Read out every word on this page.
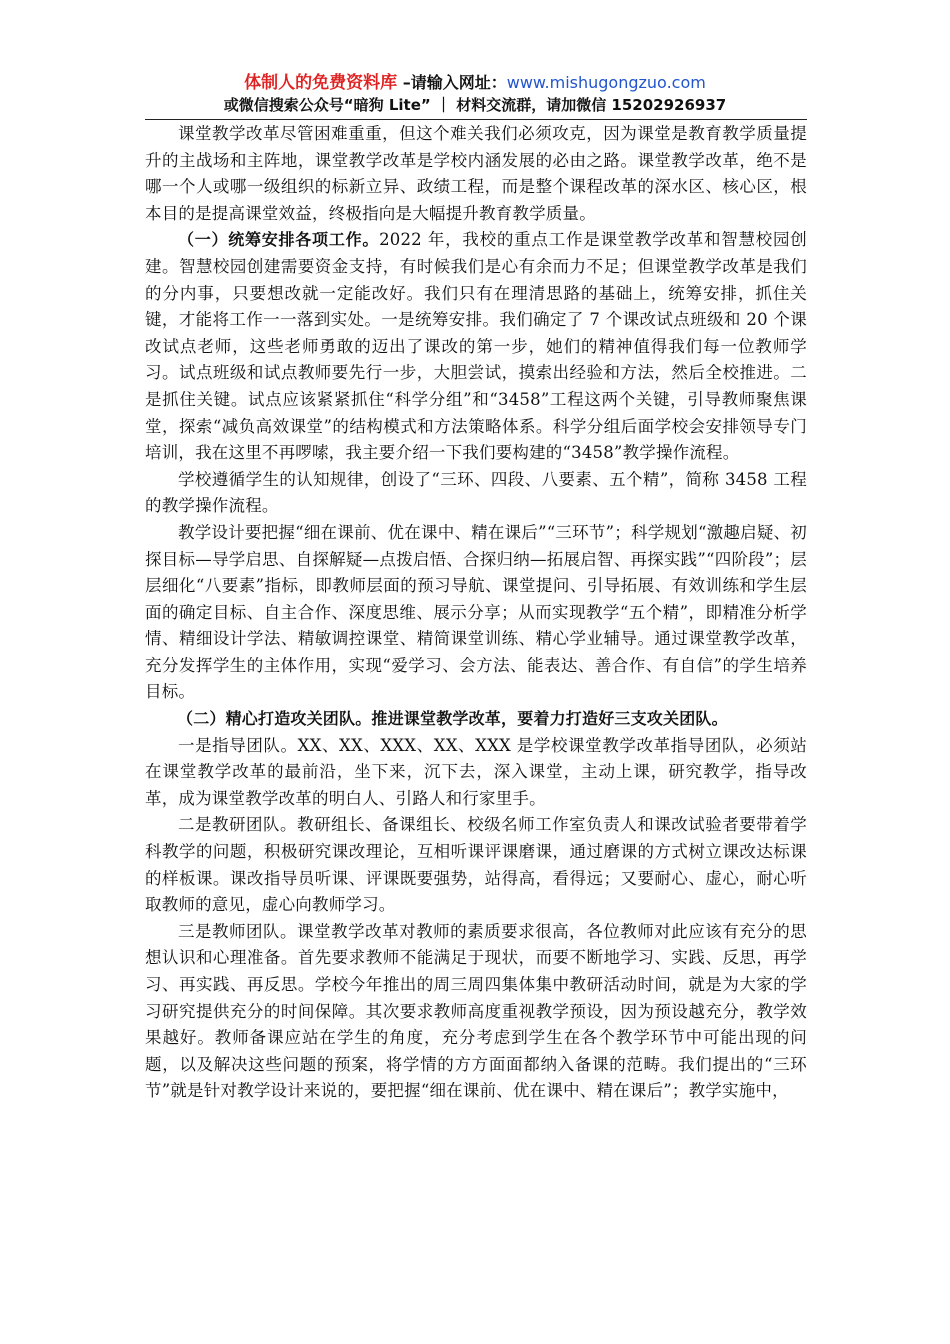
体制人的免费资料库 –请输入网址：www.mishugongzuo.com
或微信搜索公众号“暗狗 Lite” ｜ 材料交流群，请加微信 15202926937

课堂教学改革尽管困难重重，但这个难关我们必须攻克，因为课堂是教育教学质量提升的主战场和主阵地，课堂教学改革是学校内涵发展的必由之路。课堂教学改革，绝不是哪一个人或哪一级组织的标新立异、政绩工程，而是整个课程改革的深水区、核心区，根本目的是提高课堂效益，终极指向是大幅提升教育教学质量。

（一）统筹安排各项工作。2022 年，我校的重点工作是课堂教学改革和智慧校园创建。智慧校园创建需要资金支持，有时候我们是心有余而力不足；但课堂教学改革是我们的分内事，只要想改就一定能改好。我们只有在理清思路的基础上，统筹安排，抓住关键，才能将工作一一落到实处。一是统筹安排。我们确定了 7 个课改试点班级和 20 个课改试点老师，这些老师勇敢的迈出了课改的第一步，她们的精神值得我们每一位教师学习。试点班级和试点教师要先行一步，大胆尝试，摸索出经验和方法，然后全校推进。二是抓住关键。试点应该紧紧抓住“科学分组”和“3458”工程这两个关键，引导教师聚焦课堂，探索“减负高效课堂”的结构模式和方法策略体系。科学分组后面学校会安排领导专门培训，我在这里不再啰嗦，我主要介绍一下我们要构建的“3458”教学操作流程。

学校遵循学生的认知规律，创设了“三环、四段、八要素、五个精”，简称 3458 工程的教学操作流程。

教学设计要把握“细在课前、优在课中、精在课后”“三环节”；科学规划“激趣启疑、初探目标—导学启思、自探解疑—点拨启悟、合探归纳—拓展启智、再探实践”“四阶段”；层层细化“八要素”指标，即教师层面的预习导航、课堂提问、引导拓展、有效训练和学生层面的确定目标、自主合作、深度思维、展示分享；从而实现教学“五个精”，即精准分析学情、精细设计学法、精敏调控课堂、精简课堂训练、精心学业辅导。通过课堂教学改革，充分发挥学生的主体作用，实现“爱学习、会方法、能表达、善合作、有自信”的学生培养目标。

（二）精心打造攻关团队。推进课堂教学改革，要着力打造好三支攻关团队。

一是指导团队。XX、XX、XXX、XX、XXX 是学校课堂教学改革指导团队，必须站在课堂教学改革的最前沿，坐下来，沉下去，深入课堂，主动上课，研究教学，指导改革，成为课堂教学改革的明白人、引路人和行家里手。

二是教研团队。教研组长、备课组长、校级名师工作室负责人和课改试验者要带着学科教学的问题，积极研究课改理论，互相听课评课磨课，通过磨课的方式树立课改达标课的样板课。课改指导员听课、评课既要强势，站得高，看得远；又要耐心、虚心，耐心听取教师的意见，虚心向教师学习。

三是教师团队。课堂教学改革对教师的素质要求很高，各位教师对此应该有充分的思想认识和心理准备。首先要求教师不能满足于现状，而要不断地学习、实践、反思，再学习、再实践、再反思。学校今年推出的周三周四集体集中教研活动时间，就是为大家的学习研究提供充分的时间保障。其次要求教师高度重视教学预设，因为预设越充分，教学效果越好。教师备课应站在学生的角度，充分考虑到学生在各个教学环节中可能出现的问题，以及解决这些问题的预案，将学情的方方面面都纳入备课的范畴。我们提出的“三环节”就是针对教学设计来说的，要把握“细在课前、优在课中、精在课后”；教学实施中，
